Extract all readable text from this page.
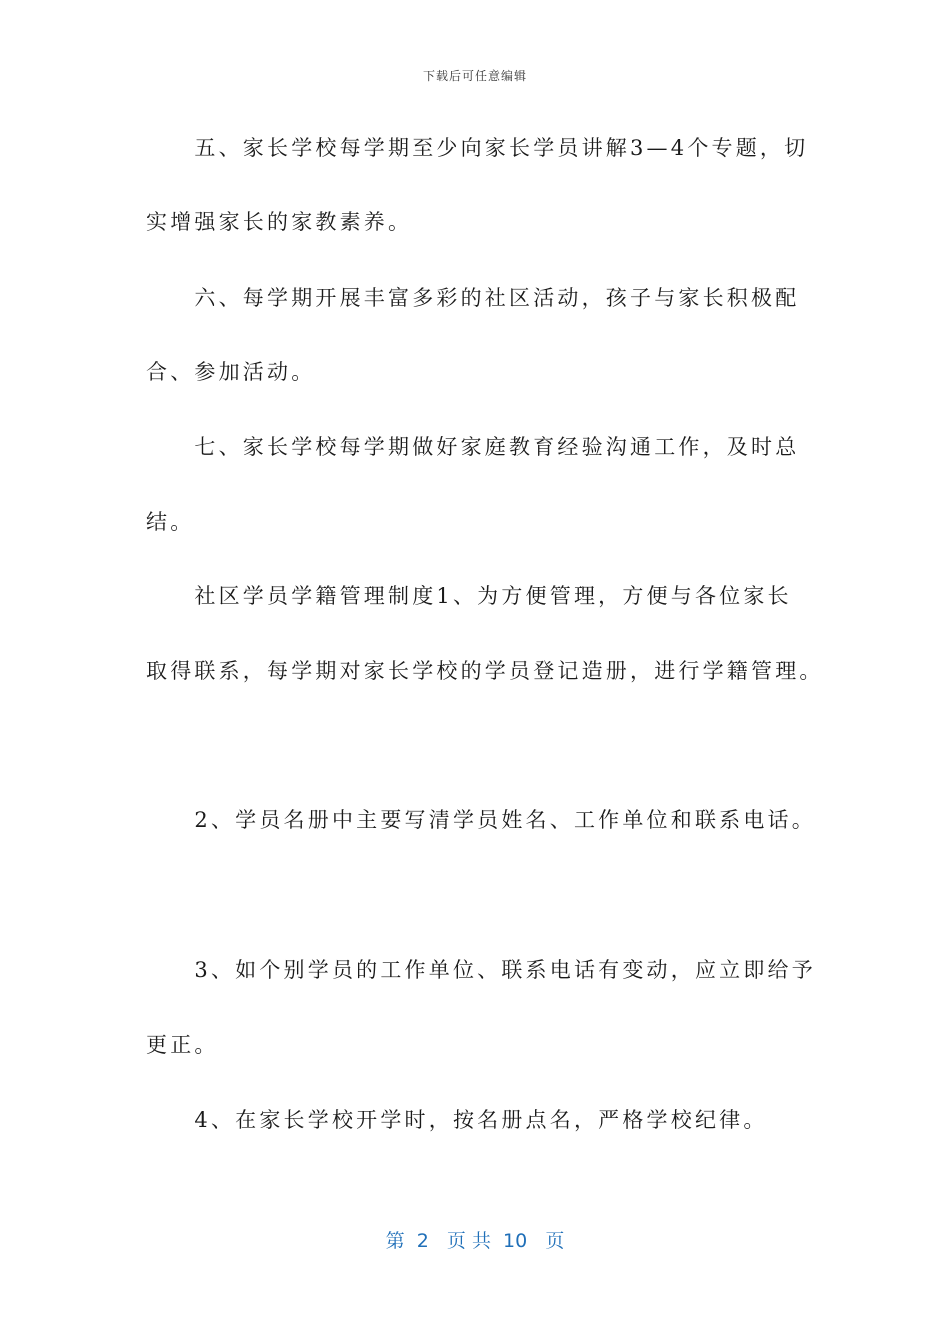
下载后可任意编辑
　　五、家长学校每学期至少向家长学员讲解3—4个专题，切
实增强家长的家教素养。
　　六、每学期开展丰富多彩的社区活动，孩子与家长积极配
合、参加活动。
　　七、家长学校每学期做好家庭教育经验沟通工作，及时总
结。
　　社区学员学籍管理制度1、为方便管理，方便与各位家长
取得联系，每学期对家长学校的学员登记造册，进行学籍管理。
　　2、学员名册中主要写清学员姓名、工作单位和联系电话。
　　3、如个别学员的工作单位、联系电话有变动，应立即给予
更正。
　　4、在家长学校开学时，按名册点名，严格学校纪律。
第  2   页 共  10   页
